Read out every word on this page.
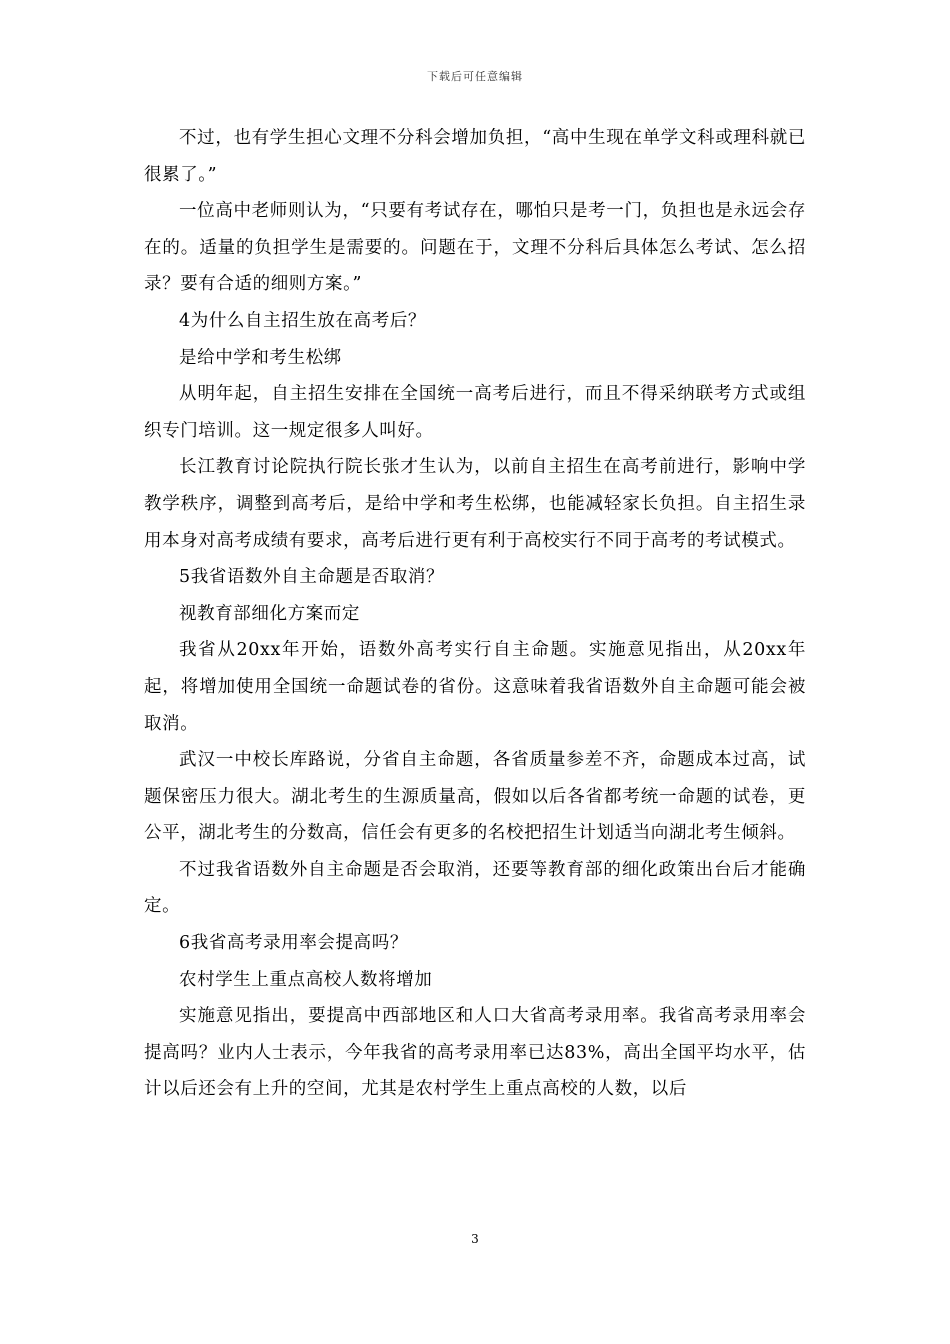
下载后可任意编辑

不过，也有学生担心文理不分科会增加负担，“高中生现在单学文科或理科就已很累了。”

一位高中老师则认为，“只要有考试存在，哪怕只是考一门，负担也是永远会存在的。适量的负担学生是需要的。问题在于，文理不分科后具体怎么考试、怎么招录？要有合适的细则方案。”

4为什么自主招生放在高考后？

是给中学和考生松绑

从明年起，自主招生安排在全国统一高考后进行，而且不得采纳联考方式或组织专门培训。这一规定很多人叫好。

长江教育讨论院执行院长张才生认为，以前自主招生在高考前进行，影响中学教学秩序，调整到高考后，是给中学和考生松绑，也能减轻家长负担。自主招生录用本身对高考成绩有要求，高考后进行更有利于高校实行不同于高考的考试模式。

5我省语数外自主命题是否取消？

视教育部细化方案而定

我省从20xx年开始，语数外高考实行自主命题。实施意见指出，从20xx年起，将增加使用全国统一命题试卷的省份。这意味着我省语数外自主命题可能会被取消。

武汉一中校长库路说，分省自主命题，各省质量参差不齐，命题成本过高，试题保密压力很大。湖北考生的生源质量高，假如以后各省都考统一命题的试卷，更公平，湖北考生的分数高，信任会有更多的名校把招生计划适当向湖北考生倾斜。

不过我省语数外自主命题是否会取消，还要等教育部的细化政策出台后才能确定。

6我省高考录用率会提高吗？

农村学生上重点高校人数将增加

实施意见指出，要提高中西部地区和人口大省高考录用率。我省高考录用率会提高吗？业内人士表示，今年我省的高考录用率已达83%，高出全国平均水平，估计以后还会有上升的空间，尤其是农村学生上重点高校的人数，以后

3
